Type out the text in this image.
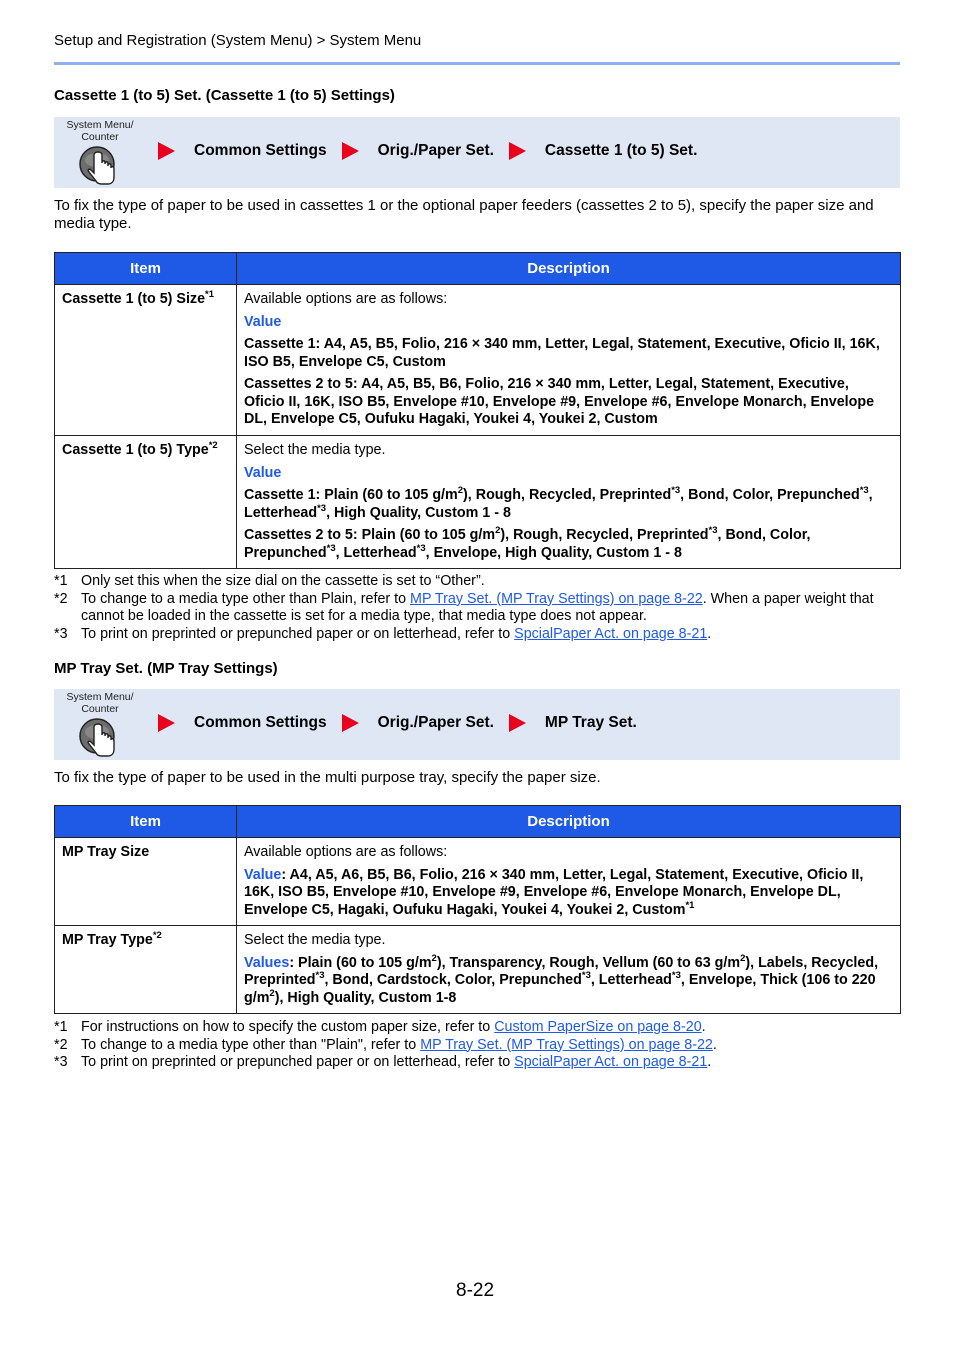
Setup and Registration (System Menu) > System Menu
Cassette 1 (to 5) Set. (Cassette 1 (to 5) Settings)
System Menu/ Counter
Common Settings	Orig./Paper Set.	Cassette 1 (to 5) Set.
To fix the type of paper to be used in cassettes 1 or the optional paper feeders (cassettes 2 to 5), specify the paper size and media type.
Item	Description
Cassette 1 (to 5) Size$^{*1}$	Available options are as follows:

Value

Cassette 1: A4, A5, B5, Folio, 216 × 340 mm, Letter, Legal, Statement, Executive, Oficio II, 16K, ISO B5, Envelope C5, Custom

Cassettes 2 to 5: A4, A5, B5, B6, Folio, 216 × 340 mm, Letter, Legal, Statement, Executive, Oficio II, 16K, ISO B5, Envelope #10, Envelope #9, Envelope #6, Envelope Monarch, Envelope DL, Envelope C5, Oufuku Hagaki, Youkei 4, Youkei 2, Custom

Cassette 1 (to 5) Type$^{*2}$	Select the media type.

Value

Cassette 1: Plain (60 to 105 $g/m^2$), Rough, Recycled, Preprinted$^{*3}$, Bond, Color, Prepunched$^{*3}$, Letterhead$^{*3}$, High Quality, Custom 1 - 8

Cassettes 2 to 5: Plain (60 to 105 $g/m^2$), Rough, Recycled, Preprinted$^{*3}$, Bond, Color, Prepunched$^{*3}$, Letterhead$^{*3}$, Envelope, High Quality, Custom 1 - 8

*1 Only set this when the size dial on the cassette is set to “Other”.
*2 To change to a media type other than Plain, refer to MP Tray Set. (MP Tray Settings) on page 8-22. When a paper weight that cannot be loaded in the cassette is set for a media type, that media type does not appear.
*3 To print on preprinted or prepunched paper or on letterhead, refer to SpcialPaper Act. on page 8-21.
MP Tray Set. (MP Tray Settings)
System Menu/ Counter
Common Settings	Orig./Paper Set.	MP Tray Set.
To fix the type of paper to be used in the multi purpose tray, specify the paper size.
Item	Description
MP Tray Size	Available options are as follows:

Value: A4, A5, A6, B5, B6, Folio, 216 × 340 mm, Letter, Legal, Statement, Executive, Oficio II, 16K, ISO B5, Envelope #10, Envelope #9, Envelope #6, Envelope Monarch, Envelope DL, Envelope C5, Hagaki, Oufuku Hagaki, Youkei 4, Youkei 2, Custom$^{*1}$

MP Tray Type$^{*2}$	Select the media type.

Values: Plain (60 to 105 $g/m^2$), Transparency, Rough, Vellum (60 to 63 $g/m^2$), Labels, Recycled, Preprinted$^{*3}$, Bond, Cardstock, Color, Prepunched$^{*3}$, Letterhead$^{*3}$, Envelope, Thick (106 to 220 $g/m^2$), High Quality, Custom 1-8

*1 For instructions on how to specify the custom paper size, refer to Custom PaperSize on page 8-20.
*2 To change to a media type other than "Plain", refer to MP Tray Set. (MP Tray Settings) on page 8-22.
*3 To print on preprinted or prepunched paper or on letterhead, refer to SpcialPaper Act. on page 8-21.
8-22
